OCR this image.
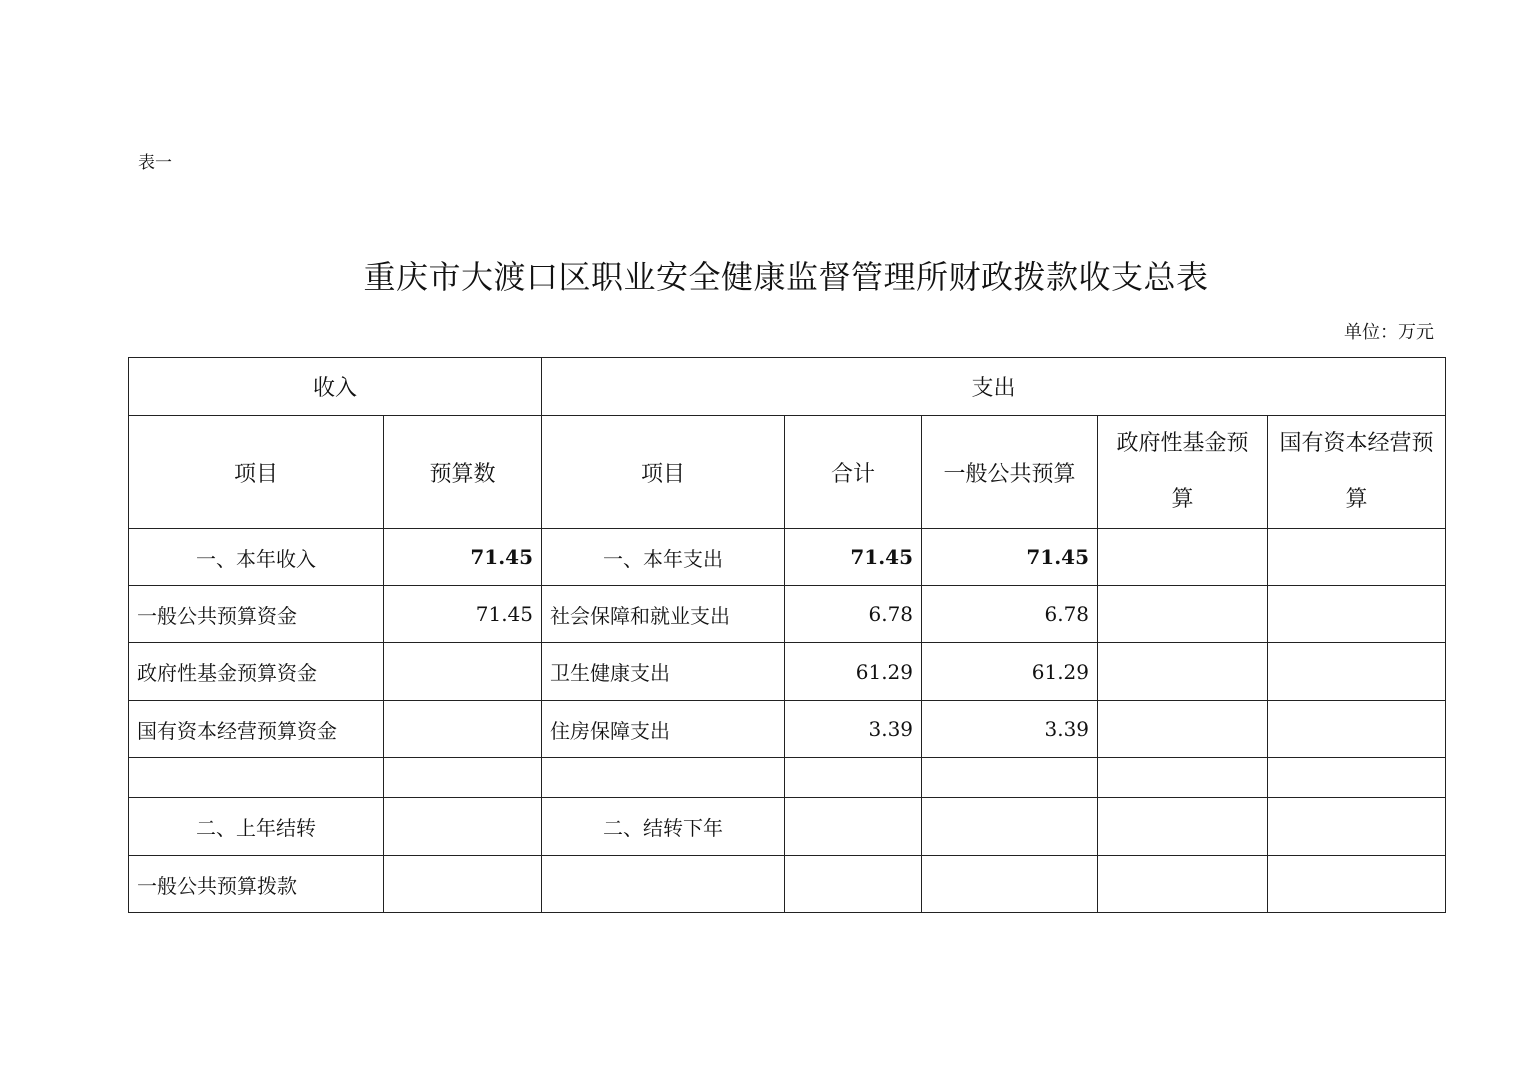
表一
重庆市大渡口区职业安全健康监督管理所财政拨款收支总表
单位：万元
收入		支出				
项目	预算数	项目	合计	一般公共预算	政府性基金预算	国有资本经营预算
一、本年收入	71.45	一、本年支出	71.45	71.45		
一般公共预算资金	71.45	社会保障和就业支出	6.78	6.78		
政府性基金预算资金		卫生健康支出	61.29	61.29		
国有资本经营预算资金		住房保障支出	3.39	3.39		

二、上年结转		二、结转下年				
一般公共预算拨款						
